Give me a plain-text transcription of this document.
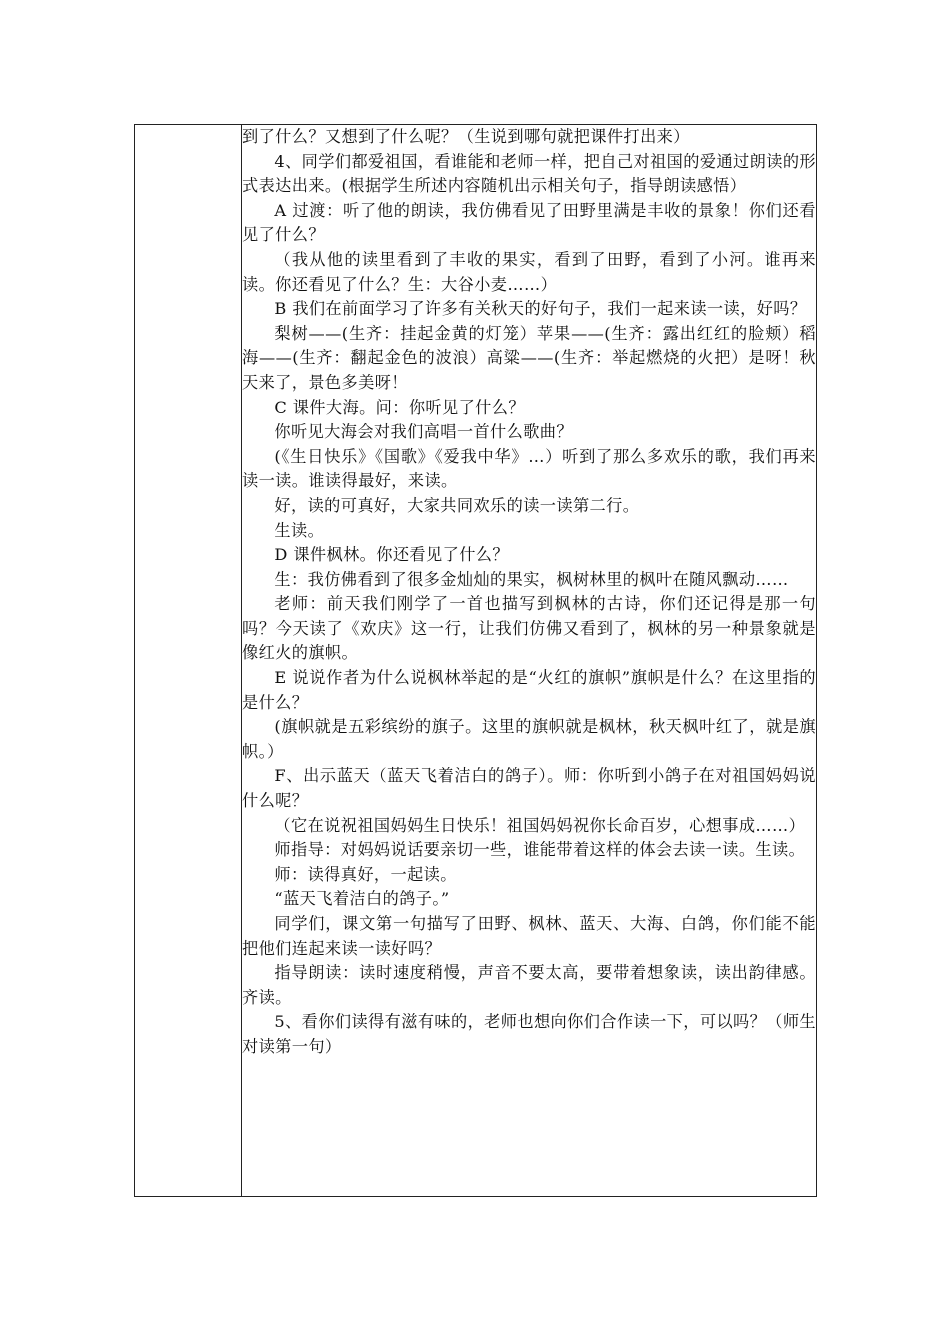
到了什么？又想到了什么呢？（生说到哪句就把课件打出来）

4、同学们都爱祖国，看谁能和老师一样，把自己对祖国的爱通过朗读的形式表达出来。(根据学生所述内容随机出示相关句子，指导朗读感悟）

A 过渡：听了他的朗读，我仿佛看见了田野里满是丰收的景象！你们还看见了什么？

（我从他的读里看到了丰收的果实，看到了田野，看到了小河。谁再来读。你还看见了什么？生：大谷小麦……）

B 我们在前面学习了许多有关秋天的好句子，我们一起来读一读，好吗？

梨树——(生齐：挂起金黄的灯笼）苹果——(生齐：露出红红的脸颊）稻海——(生齐：翻起金色的波浪）高粱——(生齐：举起燃烧的火把）是呀！秋天来了，景色多美呀！

C 课件大海。问：你听见了什么？

你听见大海会对我们高唱一首什么歌曲？

(《生日快乐》《国歌》《爱我中华》…）听到了那么多欢乐的歌，我们再来读一读。谁读得最好，来读。

好，读的可真好，大家共同欢乐的读一读第二行。

生读。

D 课件枫林。你还看见了什么？

生：我仿佛看到了很多金灿灿的果实，枫树林里的枫叶在随风飘动……

老师：前天我们刚学了一首也描写到枫林的古诗，你们还记得是那一句吗？今天读了《欢庆》这一行，让我们仿佛又看到了，枫林的另一种景象就是像红火的旗帜。

E 说说作者为什么说枫林举起的是“火红的旗帜”旗帜是什么？在这里指的是什么？

(旗帜就是五彩缤纷的旗子。这里的旗帜就是枫林，秋天枫叶红了，就是旗帜。）

F、出示蓝天（蓝天飞着洁白的鸽子）。师：你听到小鸽子在对祖国妈妈说什么呢？

（它在说祝祖国妈妈生日快乐！祖国妈妈祝你长命百岁，心想事成……）

师指导：对妈妈说话要亲切一些，谁能带着这样的体会去读一读。生读。

师：读得真好，一起读。

“蓝天飞着洁白的鸽子。”

同学们，课文第一句描写了田野、枫林、蓝天、大海、白鸽，你们能不能把他们连起来读一读好吗？

指导朗读：读时速度稍慢，声音不要太高，要带着想象读，读出韵律感。齐读。

5、看你们读得有滋有味的，老师也想向你们合作读一下，可以吗？（师生对读第一句）
